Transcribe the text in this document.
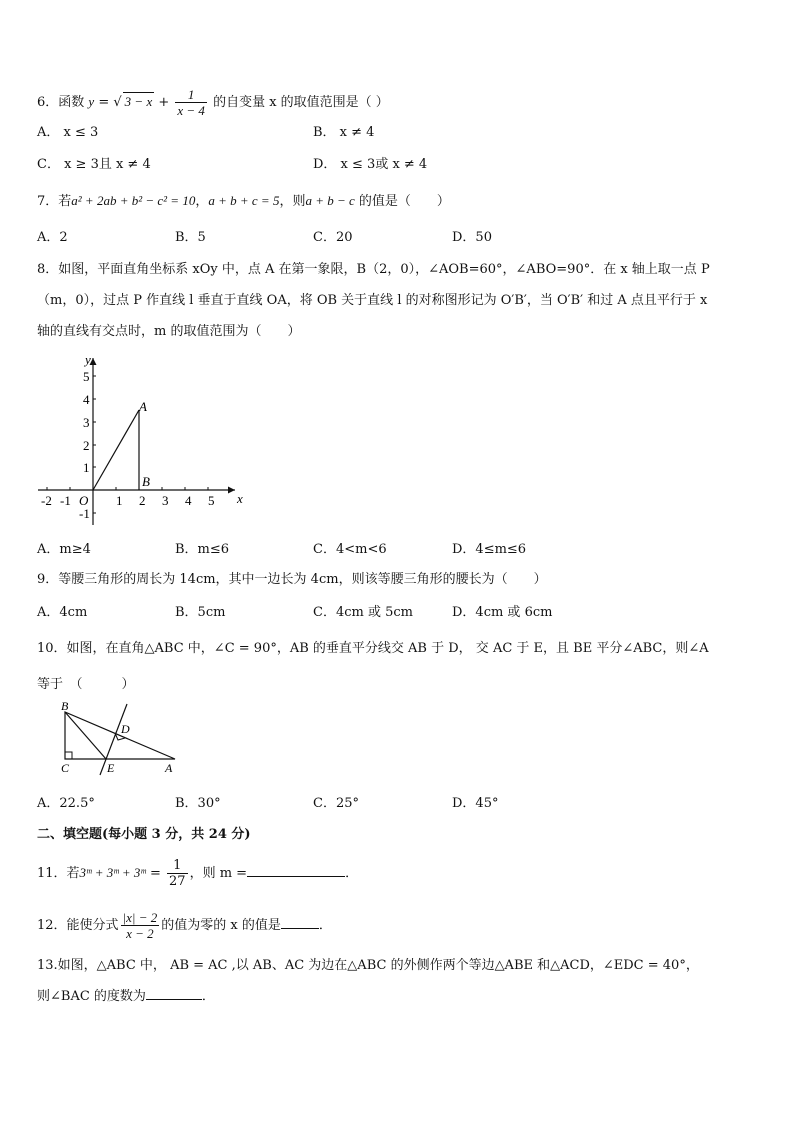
6．函数 y = √ $3 - x + \frac{1}{x - 4}$ 的自变量 x 的取值范围是（ ）
A． x ≤ 3	B． x ≠ 4
C． x ≥ 3且 x ≠ 4	D． x ≤ 3或 x ≠ 4
7．若a² + 2ab + b² − c² = 10，a + b + c = 5，则a + b − c 的值是（　　）
A．2	B．5	C．20	D．50
8．如图，平面直角坐标系 xOy 中，点 A 在第一象限，B（2，0），∠AOB=60°，∠ABO=90°．在 x 轴上取一点 P
（m，0），过点 P 作直线 l 垂直于直线 OA，将 OB 关于直线 l 的对称图形记为 O′B′，当 O′B′ 和过 A 点且平行于 x
轴的直线有交点时，m 的取值范围为（　　）
-2 -1 O 1 2 3 4 5 x
y
5
4
3
2
1
-1
A
B
A．m≥4	B．m≤6	C．4<m<6	D．4≤m≤6
9．等腰三角形的周长为 14cm，其中一边长为 4cm，则该等腰三角形的腰长为（　　）
A．4cm	B．5cm	C．4cm 或 5cm	D．4cm 或 6cm
10．如图，在直角△ABC 中，∠C = 90°，AB 的垂直平分线交 AB 于 D， 交 AC 于 E，且 BE 平分∠ABC，则∠A
等于　（　　　）
B
C	E	A
D
A．22.5°	B．30°	C．25°	D．45°
二、填空题(每小题 3 分，共 24 分)
11．若3ᵐ + 3ᵐ + 3ᵐ = $\frac{1}{27}$ ，则 m =	．
12．能使分式 $\frac{|x| - 2}{x - 2}$ 的值为零的 x 的值是	．
13.如图，△ABC 中， AB = AC ,以 AB、AC 为边在△ABC 的外侧作两个等边△ABE 和△ACD，∠EDC = 40°，
则∠BAC 的度数为	．
